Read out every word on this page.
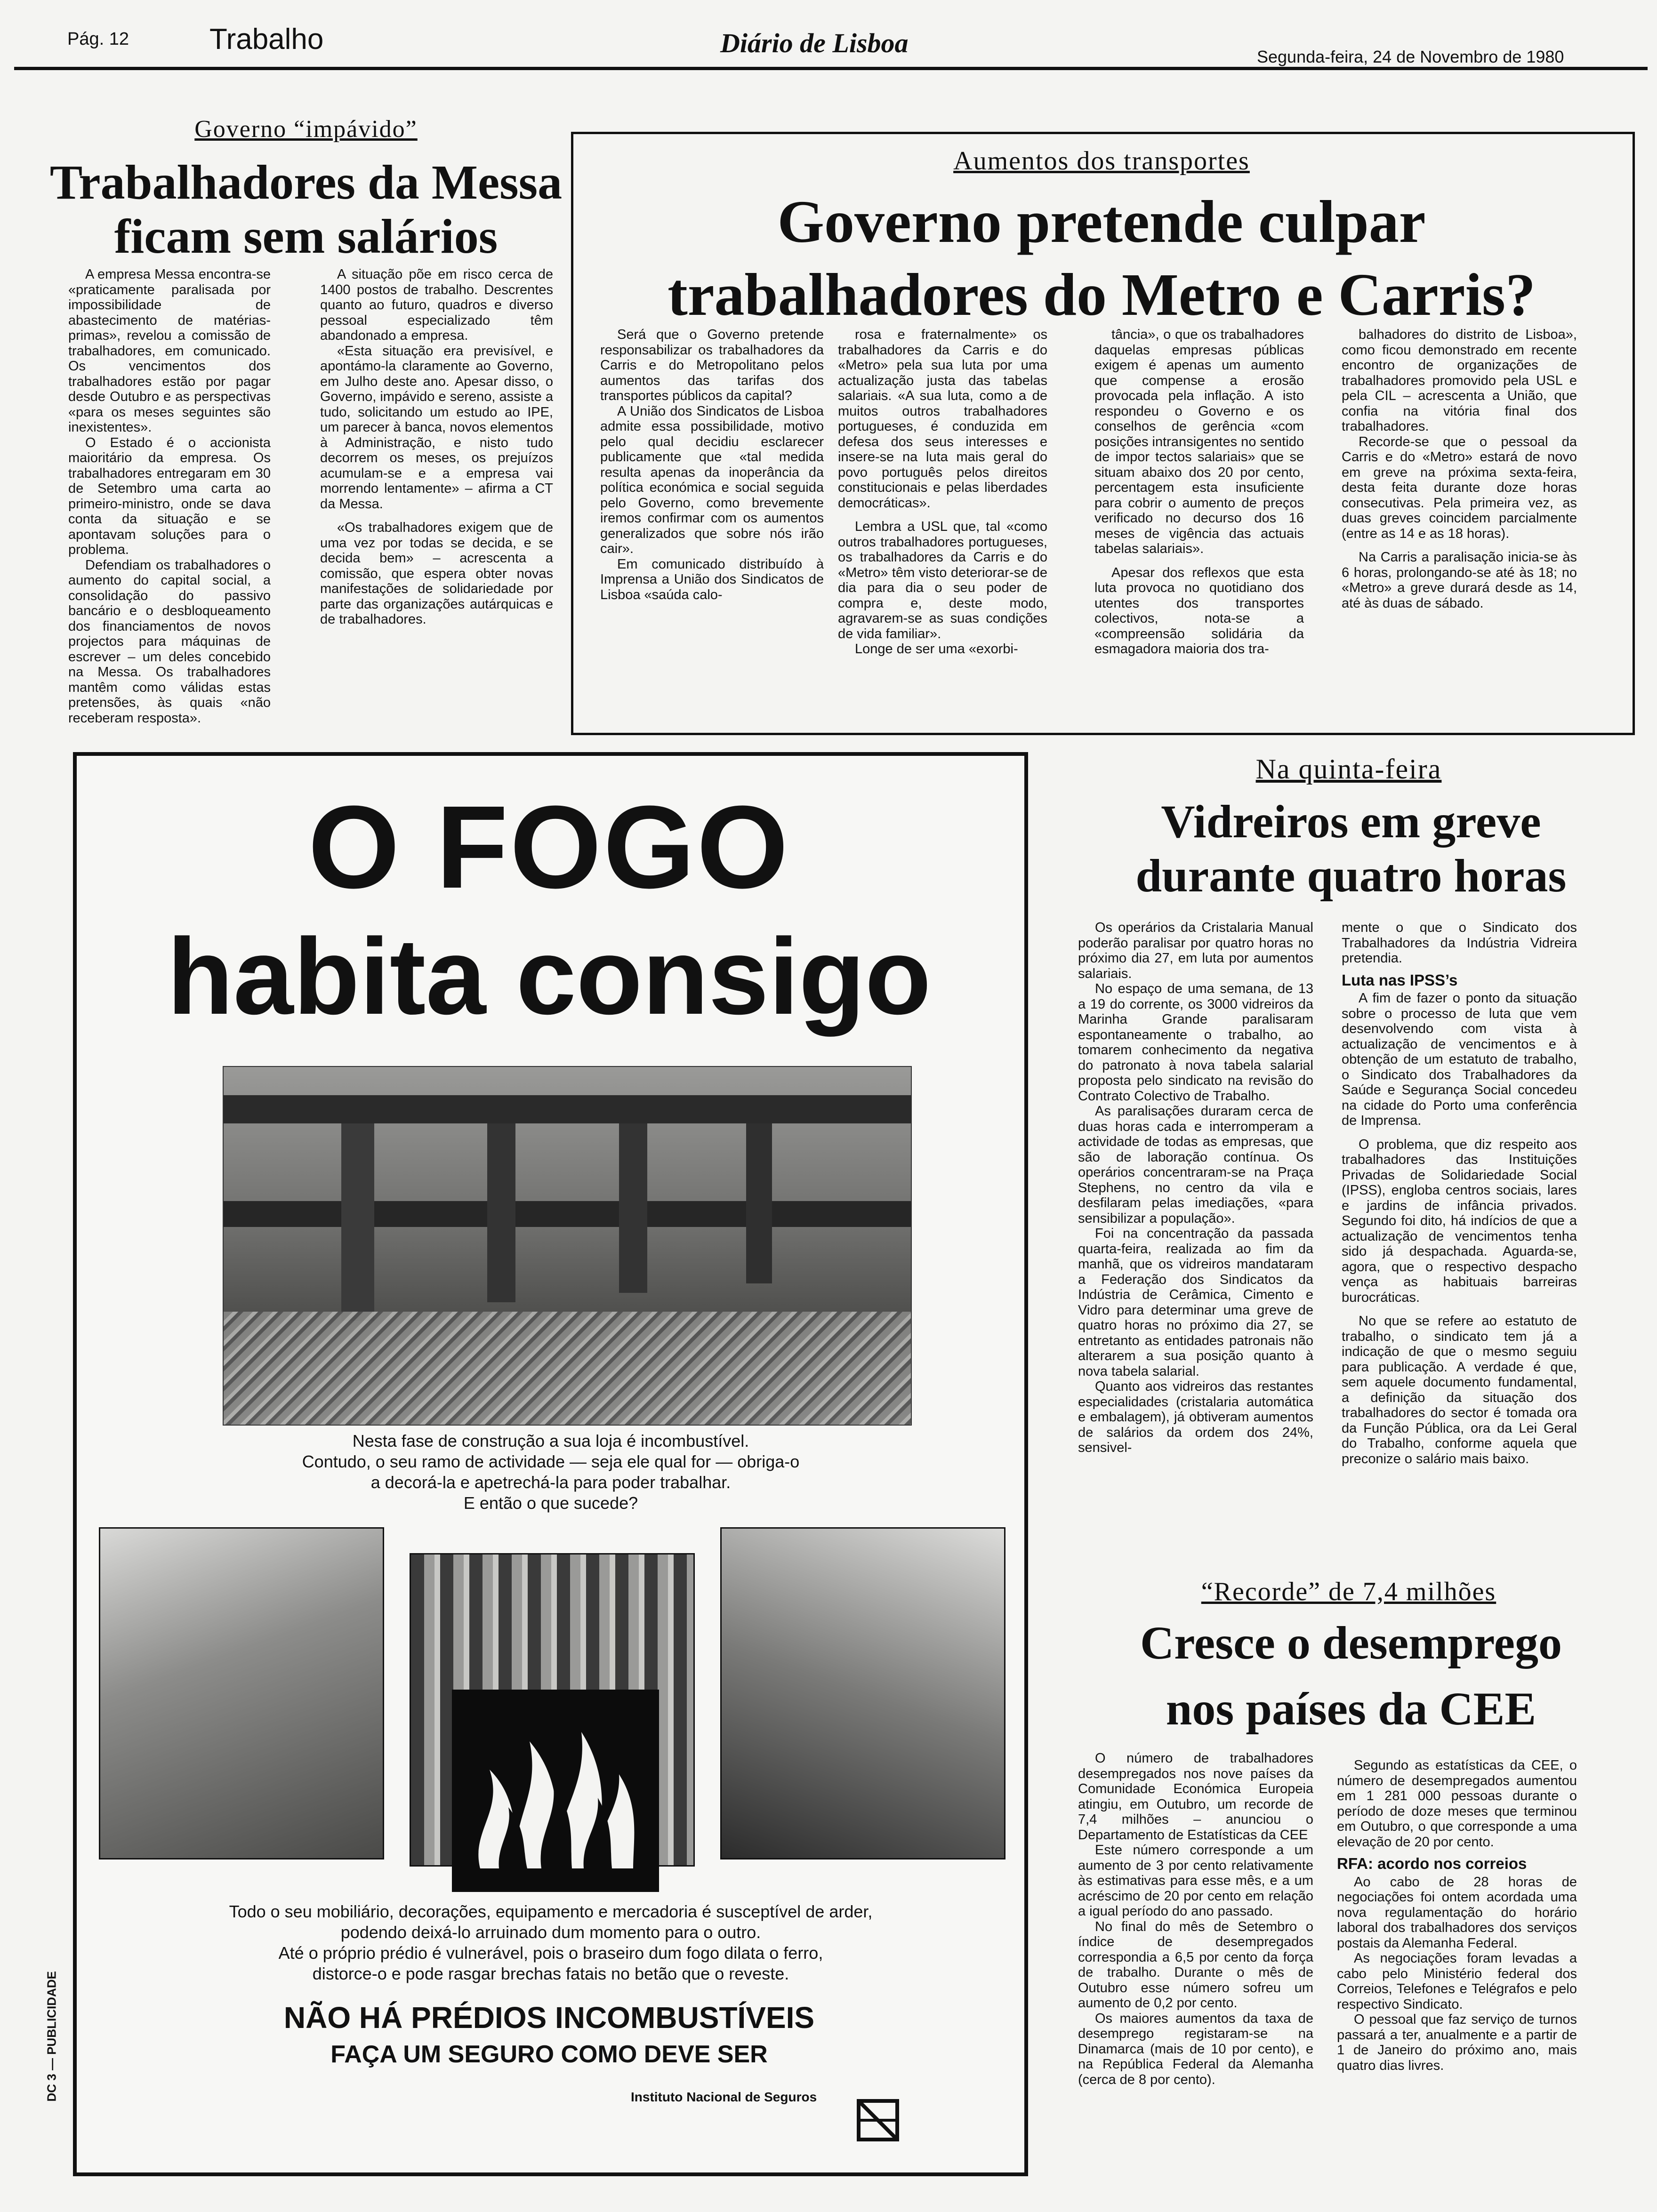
Pág. 12	Trabalho	Diário de Lisboa	Segunda-feira, 24 de Novembro de 1980
Governo “impávido”
Trabalhadores da Messa
ficam sem salários

A empresa Messa encontra-se «praticamente paralisada por impossibilidade de abastecimento de matérias-primas», revelou a comissão de trabalhadores, em comunicado. Os vencimentos dos trabalhadores estão por pagar desde Outubro e as perspectivas «para os meses seguintes são inexistentes».

O Estado é o accionista maioritário da empresa. Os trabalhadores entregaram em 30 de Setembro uma carta ao primeiro-ministro, onde se dava conta da situação e se apontavam soluções para o problema.

Defendiam os trabalhadores o aumento do capital social, a consolidação do passivo bancário e o desbloqueamento dos financiamentos de novos projectos para máquinas de escrever – um deles concebido na Messa. Os trabalhadores mantêm como válidas estas pretensões, às quais «não receberam resposta».

A situação põe em risco cerca de 1400 postos de trabalho. Descrentes quanto ao futuro, quadros e diverso pessoal especializado têm abandonado a empresa.

«Esta situação era previsível, e apontámo-la claramente ao Governo, em Julho deste ano. Apesar disso, o Governo, impávido e sereno, assiste a tudo, solicitando um estudo ao IPE, um parecer à banca, novos elementos à Administração, e nisto tudo decorrem os meses, os prejuízos acumulam-se e a empresa vai morrendo lentamente» – afirma a CT da Messa.

«Os trabalhadores exigem que de uma vez por todas se decida, e se decida bem» – acrescenta a comissão, que espera obter novas manifestações de solidariedade por parte das organizações autárquicas e de trabalhadores.

Aumentos dos transportes
Governo pretende culpar
trabalhadores do Metro e Carris?

Será que o Governo pretende responsabilizar os trabalhadores da Carris e do Metropolitano pelos aumentos das tarifas dos transportes públicos da capital?

A União dos Sindicatos de Lisboa admite essa possibilidade, motivo pelo qual decidiu esclarecer publicamente que «tal medida resulta apenas da inoperância da política económica e social seguida pelo Governo, como brevemente iremos confirmar com os aumentos generalizados que sobre nós irão cair».

Em comunicado distribuído à Imprensa a União dos Sindicatos de Lisboa «saúda calo-

rosa e fraternalmente» os trabalhadores da Carris e do «Metro» pela sua luta por uma actualização justa das tabelas salariais. «A sua luta, como a de muitos outros trabalhadores portugueses, é conduzida em defesa dos seus interesses e insere-se na luta mais geral do povo português pelos direitos constitucionais e pelas liberdades democráticas».

Lembra a USL que, tal «como outros trabalhadores portugueses, os trabalhadores da Carris e do «Metro» têm visto deteriorar-se de dia para dia o seu poder de compra e, deste modo, agravarem-se as suas condições de vida familiar».

Longe de ser uma «exorbi-

tância», o que os trabalhadores daquelas empresas públicas exigem é apenas um aumento que compense a erosão provocada pela inflação. A isto respondeu o Governo e os conselhos de gerência «com posições intransigentes no sentido de impor tectos salariais» que se situam abaixo dos 20 por cento, percentagem esta insuficiente para cobrir o aumento de preços verificado no decurso dos 16 meses de vigência das actuais tabelas salariais».

Apesar dos reflexos que esta luta provoca no quotidiano dos utentes dos transportes colectivos, nota-se a «compreensão solidária da esmagadora maioria dos tra-

balhadores do distrito de Lisboa», como ficou demonstrado em recente encontro de organizações de trabalhadores promovido pela USL e pela CIL – acrescenta a União, que confia na vitória final dos trabalhadores.

Recorde-se que o pessoal da Carris e do «Metro» estará de novo em greve na próxima sexta-feira, desta feita durante doze horas consecutivas. Pela primeira vez, as duas greves coincidem parcialmente (entre as 14 e as 18 horas).

Na Carris a paralisação inicia-se às 6 horas, prolongando-se até às 18; no «Metro» a greve durará desde as 14, até às duas de sábado.

O FOGO
habita consigo
Nesta fase de construção a sua loja é incombustível.
Contudo, o seu ramo de actividade — seja ele qual for — obriga-o
a decorá-la e apetrechá-la para poder trabalhar.
E então o que sucede?
Todo o seu mobiliário, decorações, equipamento e mercadoria é susceptível de arder,
podendo deixá-lo arruinado dum momento para o outro.
Até o próprio prédio é vulnerável, pois o braseiro dum fogo dilata o ferro,
distorce-o e pode rasgar brechas fatais no betão que o reveste.
NÃO HÁ PRÉDIOS INCOMBUSTÍVEIS
FAÇA UM SEGURO COMO DEVE SER
Instituto Nacional de Seguros
DC 3 — PUBLICIDADE
Na quinta-feira
Vidreiros em greve
durante quatro horas

Os operários da Cristalaria Manual poderão paralisar por quatro horas no próximo dia 27, em luta por aumentos salariais.

No espaço de uma semana, de 13 a 19 do corrente, os 3000 vidreiros da Marinha Grande paralisaram espontaneamente o trabalho, ao tomarem conhecimento da negativa do patronato à nova tabela salarial proposta pelo sindicato na revisão do Contrato Colectivo de Trabalho.

As paralisações duraram cerca de duas horas cada e interromperam a actividade de todas as empresas, que são de laboração contínua. Os operários concentraram-se na Praça Stephens, no centro da vila e desfilaram pelas imediações, «para sensibilizar a população».

Foi na concentração da passada quarta-feira, realizada ao fim da manhã, que os vidreiros mandataram a Federação dos Sindicatos da Indústria de Cerâmica, Cimento e Vidro para determinar uma greve de quatro horas no próximo dia 27, se entretanto as entidades patronais não alterarem a sua posição quanto à nova tabela salarial.

Quanto aos vidreiros das restantes especialidades (cristalaria automática e embalagem), já obtiveram aumentos de salários da ordem dos 24%, sensivel-

mente o que o Sindicato dos Trabalhadores da Indústria Vidreira pretendia.

Luta nas IPSS’s

A fim de fazer o ponto da situação sobre o processo de luta que vem desenvolvendo com vista à actualização de vencimentos e à obtenção de um estatuto de trabalho, o Sindicato dos Trabalhadores da Saúde e Segurança Social concedeu na cidade do Porto uma conferência de Imprensa.

O problema, que diz respeito aos trabalhadores das Instituições Privadas de Solidariedade Social (IPSS), engloba centros sociais, lares e jardins de infância privados. Segundo foi dito, há indícios de que a actualização de vencimentos tenha sido já despachada. Aguarda-se, agora, que o respectivo despacho vença as habituais barreiras burocráticas.

No que se refere ao estatuto de trabalho, o sindicato tem já a indicação de que o mesmo seguiu para publicação. A verdade é que, sem aquele documento fundamental, a definição da situação dos trabalhadores do sector é tomada ora da Função Pública, ora da Lei Geral do Trabalho, conforme aquela que preconize o salário mais baixo.

“Recorde” de 7,4 milhões
Cresce o desemprego
nos países da CEE

O número de trabalhadores desempregados nos nove países da Comunidade Económica Europeia atingiu, em Outubro, um recorde de 7,4 milhões – anunciou o Departamento de Estatísticas da CEE

Este número corresponde a um aumento de 3 por cento relativamente às estimativas para esse mês, e a um acréscimo de 20 por cento em relação a igual período do ano passado.

No final do mês de Setembro o índice de desempregados correspondia a 6,5 por cento da força de trabalho. Durante o mês de Outubro esse número sofreu um aumento de 0,2 por cento.

Os maiores aumentos da taxa de desemprego registaram-se na Dinamarca (mais de 10 por cento), e na República Federal da Alemanha (cerca de 8 por cento).

Segundo as estatísticas da CEE, o número de desempregados aumentou em 1 281 000 pessoas durante o período de doze meses que terminou em Outubro, o que corresponde a uma elevação de 20 por cento.

RFA: acordo nos correios

Ao cabo de 28 horas de negociações foi ontem acordada uma nova regulamentação do horário laboral dos trabalhadores dos serviços postais da Alemanha Federal.

As negociações foram levadas a cabo pelo Ministério federal dos Correios, Telefones e Telégrafos e pelo respectivo Sindicato.

O pessoal que faz serviço de turnos passará a ter, anualmente e a partir de 1 de Janeiro do próximo ano, mais quatro dias livres.
